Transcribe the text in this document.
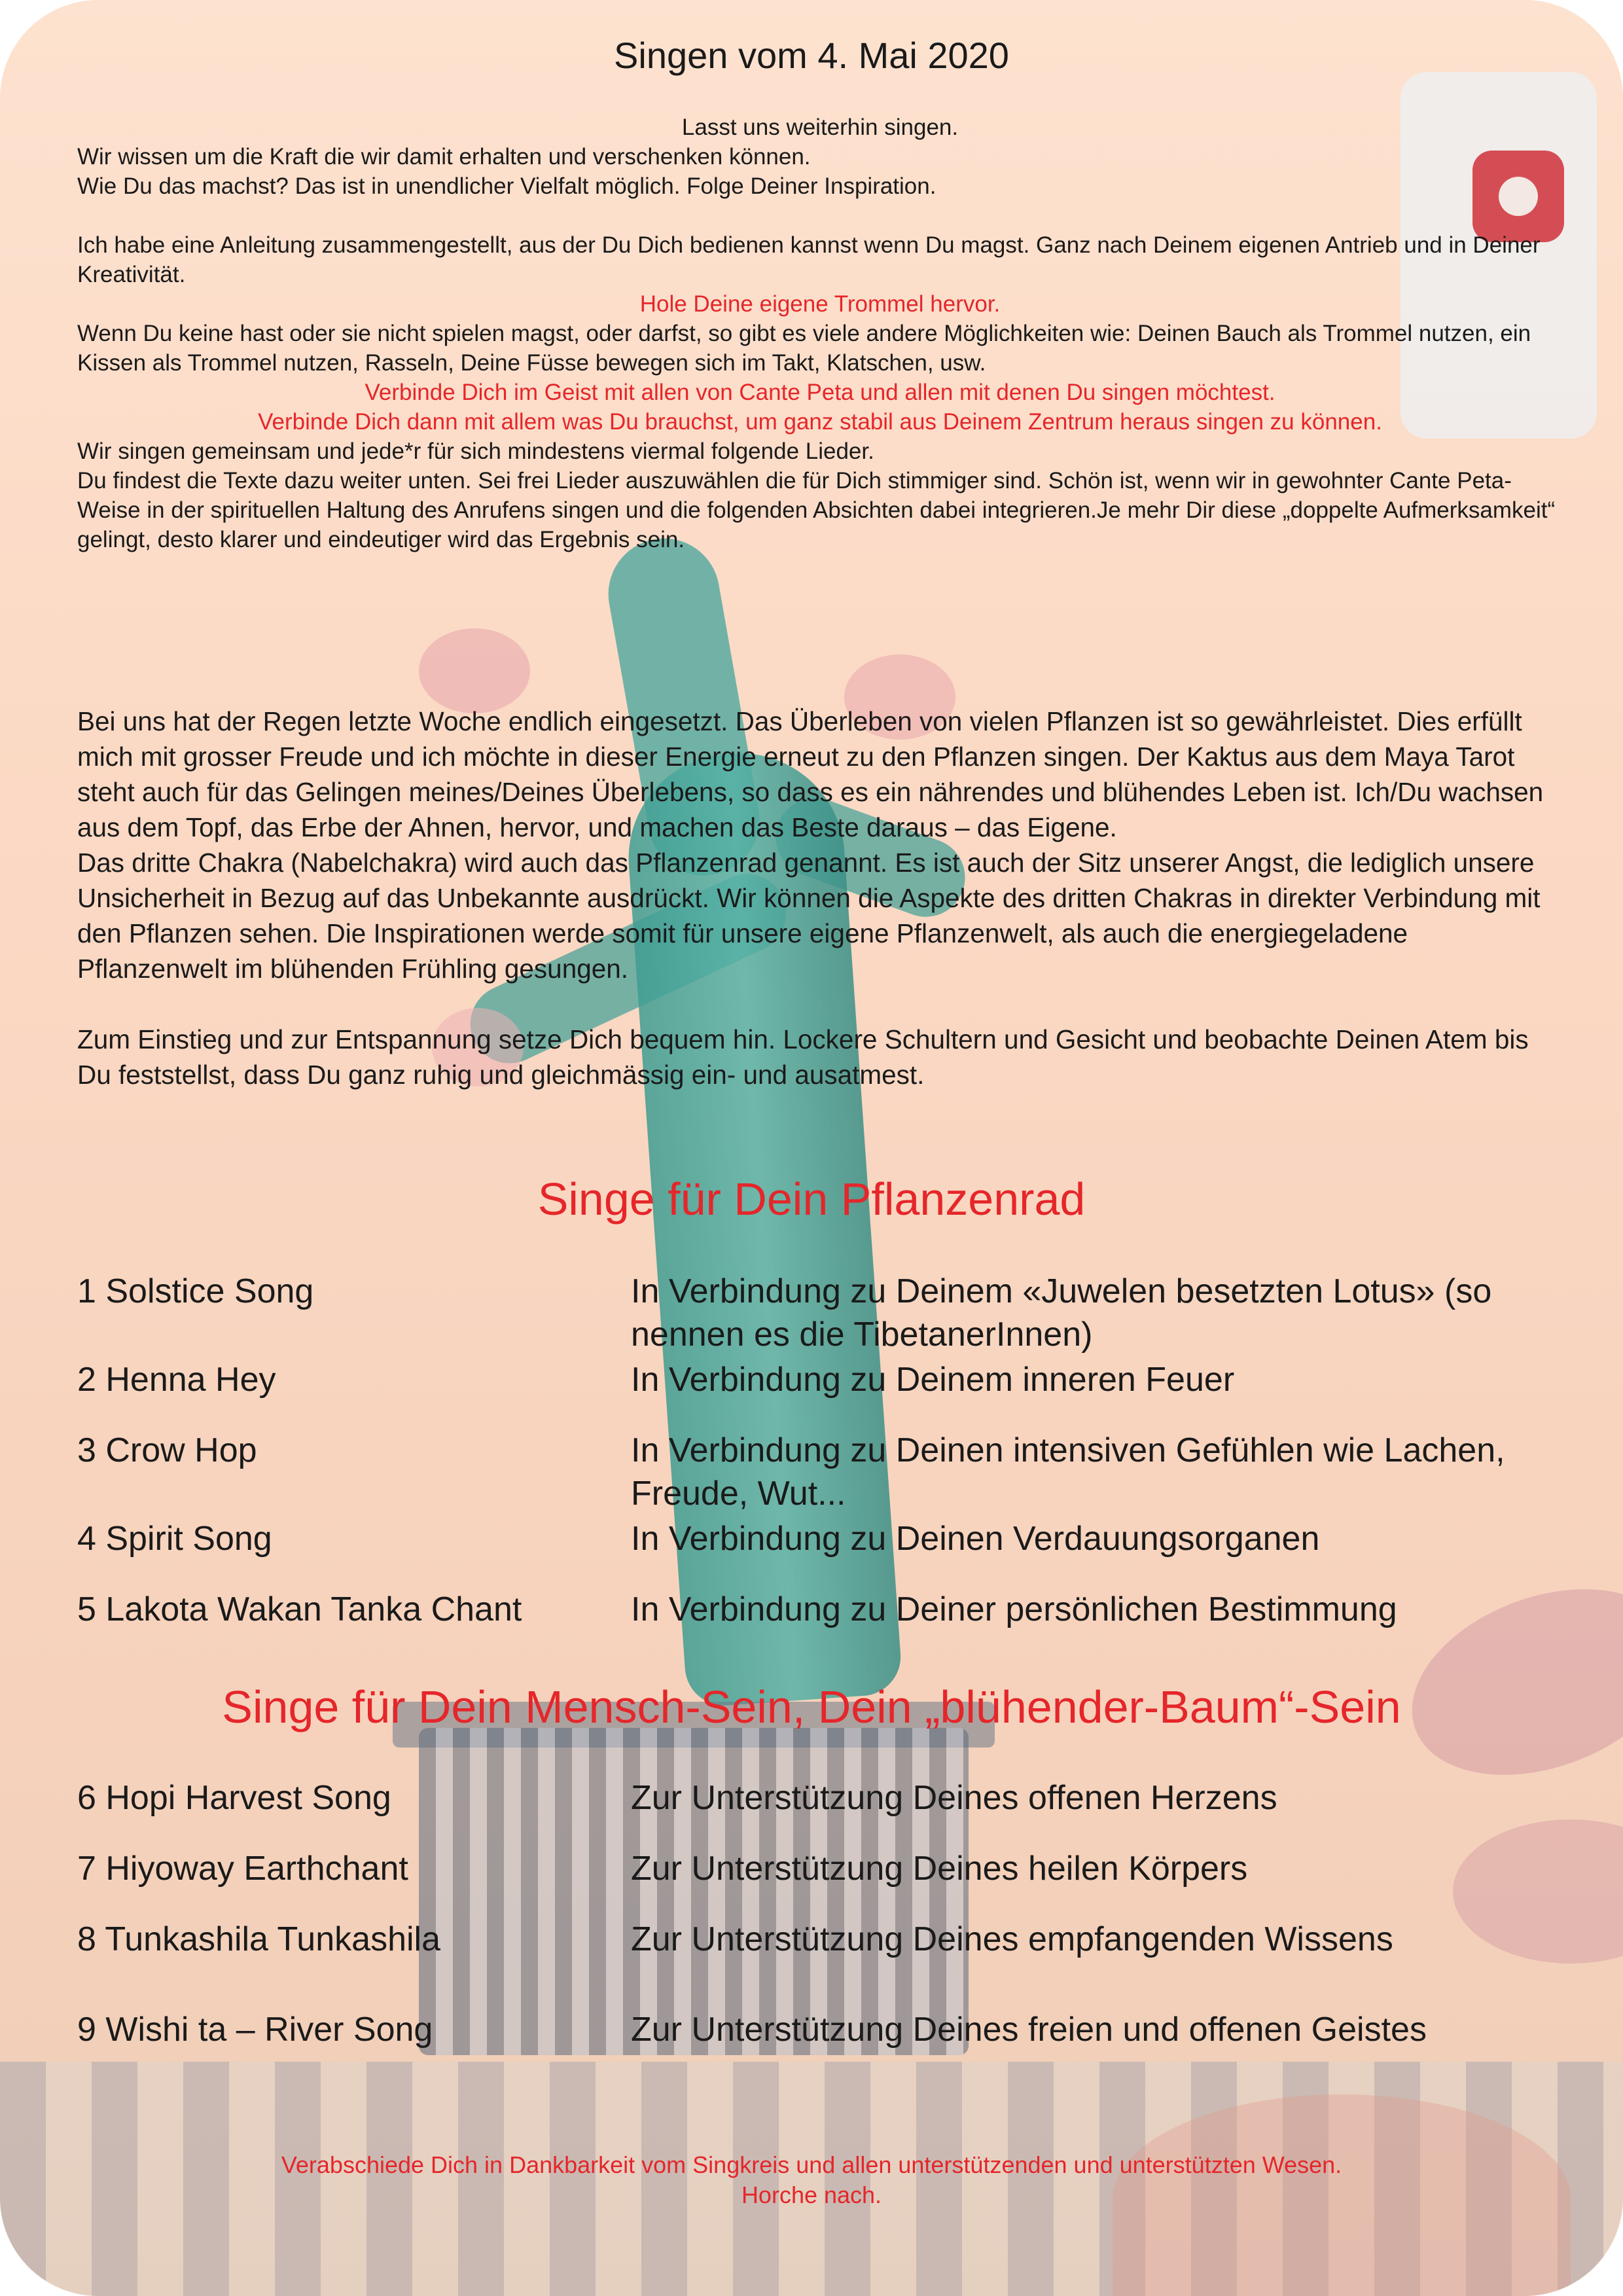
Singen vom 4. Mai 2020

Lasst uns weiterhin singen.

Wir wissen um die Kraft die wir damit erhalten und verschenken können.

Wie Du das machst? Das ist in unendlicher Vielfalt möglich. Folge Deiner Inspiration.

Ich habe eine Anleitung zusammengestellt, aus der Du Dich bedienen kannst wenn Du magst. Ganz nach Deinem eigenen Antrieb und in Deiner Kreativität.

Hole Deine eigene Trommel hervor.

Wenn Du keine hast oder sie nicht spielen magst, oder darfst, so gibt es viele andere Möglichkeiten wie: Deinen Bauch als Trommel nutzen, ein Kissen als Trommel nutzen, Rasseln, Deine Füsse bewegen sich im Takt, Klatschen, usw.

Verbinde Dich im Geist mit allen von Cante Peta und allen mit denen Du singen möchtest.

Verbinde Dich dann mit allem was Du brauchst, um ganz stabil aus Deinem Zentrum heraus singen zu können.

Wir singen gemeinsam und jede*r für sich mindestens viermal folgende Lieder.

Du findest die Texte dazu weiter unten. Sei frei Lieder auszuwählen die für Dich stimmiger sind. Schön ist, wenn wir in gewohnter Cante Peta-Weise in der spirituellen Haltung des Anrufens singen und die folgenden Absichten dabei integrieren.Je mehr Dir diese „doppelte Aufmerksamkeit“ gelingt, desto klarer und eindeutiger wird das Ergebnis sein.

Bei uns hat der Regen letzte Woche endlich eingesetzt. Das Überleben von vielen Pflanzen ist so gewährleistet. Dies erfüllt mich mit grosser Freude und ich möchte in dieser Energie erneut zu den Pflanzen singen. Der Kaktus aus dem Maya Tarot steht auch für das Gelingen meines/Deines Überlebens, so dass es ein nährendes und blühendes Leben ist. Ich/Du wachsen aus dem Topf, das Erbe der Ahnen, hervor, und machen das Beste daraus – das Eigene.

Das dritte Chakra (Nabelchakra) wird auch das Pflanzenrad genannt. Es ist auch der Sitz unserer Angst, die lediglich unsere Unsicherheit in Bezug auf das Unbekannte ausdrückt. Wir können die Aspekte des dritten Chakras in direkter Verbindung mit den Pflanzen sehen. Die Inspirationen werde somit für unsere eigene Pflanzenwelt, als auch die energiegeladene Pflanzenwelt im blühenden Frühling gesungen.

Zum Einstieg und zur Entspannung setze Dich bequem hin. Lockere Schultern und Gesicht und beobachte Deinen Atem bis Du feststellst, dass Du ganz ruhig und gleichmässig ein- und ausatmest.

Singe für Dein Pflanzenrad
1 Solstice Song	In Verbindung zu Deinem «Juwelen besetzten Lotus» (so nennen es die TibetanerInnen)
2 Henna Hey	In Verbindung zu Deinem inneren Feuer
3 Crow Hop	In Verbindung zu Deinen intensiven Gefühlen wie Lachen, Freude, Wut...
4 Spirit Song	In Verbindung zu Deinen Verdauungsorganen
5 Lakota Wakan Tanka Chant	In Verbindung zu Deiner persönlichen Bestimmung
Singe für Dein Mensch-Sein, Dein „blühender-Baum“-Sein
6 Hopi Harvest Song	Zur Unterstützung Deines offenen Herzens
7 Hiyoway Earthchant	Zur Unterstützung Deines heilen Körpers
8 Tunkashila Tunkashila	Zur Unterstützung Deines empfangenden Wissens
9 Wishi ta – River Song	Zur Unterstützung Deines freien und offenen Geistes

Verabschiede Dich in Dankbarkeit vom Singkreis und allen unterstützenden und unterstützten Wesen.

Horche nach.
